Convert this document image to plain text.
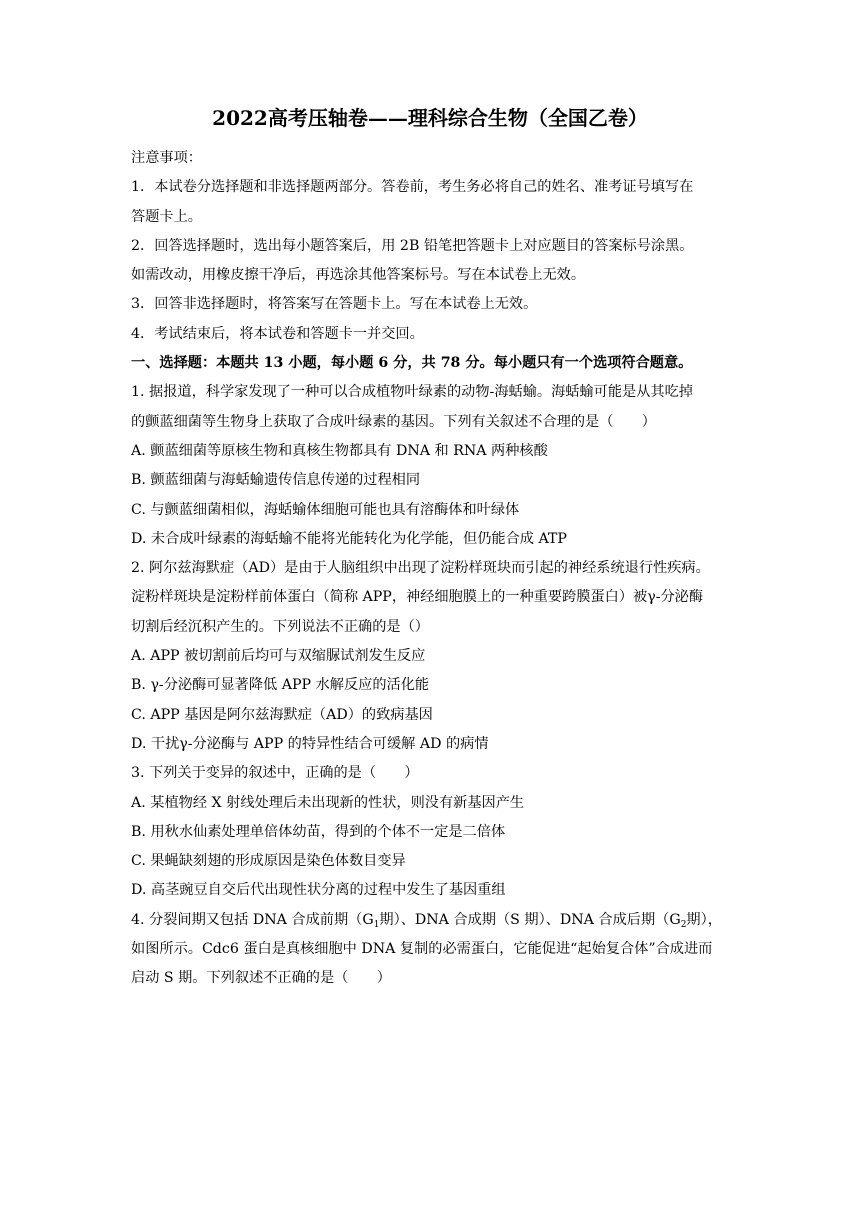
2022高考压轴卷——理科综合生物（全国乙卷）
注意事项：
1．本试卷分选择题和非选择题两部分。答卷前，考生务必将自己的姓名、准考证号填写在
答题卡上。
2．回答选择题时，选出每小题答案后，用 2B 铅笔把答题卡上对应题目的答案标号涂黑。
如需改动，用橡皮擦干净后，再选涂其他答案标号。写在本试卷上无效。
3．回答非选择题时，将答案写在答题卡上。写在本试卷上无效。
4．考试结束后，将本试卷和答题卡一并交回。
一、选择题：本题共 13 小题，每小题 6 分，共 78 分。每小题只有一个选项符合题意。
1. 据报道，科学家发现了一种可以合成植物叶绿素的动物-海蛞蝓。海蛞蝓可能是从其吃掉
的颤蓝细菌等生物身上获取了合成叶绿素的基因。下列有关叙述不合理的是（　　）
A. 颤蓝细菌等原核生物和真核生物都具有 DNA 和 RNA 两种核酸
B. 颤蓝细菌与海蛞蝓遗传信息传递的过程相同
C. 与颤蓝细菌相似，海蛞蝓体细胞可能也具有溶酶体和叶绿体
D. 未合成叶绿素的海蛞蝓不能将光能转化为化学能，但仍能合成 ATP
2. 阿尔兹海默症（AD）是由于人脑组织中出现了淀粉样斑块而引起的神经系统退行性疾病。
淀粉样斑块是淀粉样前体蛋白（简称 APP，神经细胞膜上的一种重要跨膜蛋白）被γ-分泌酶
切割后经沉积产生的。下列说法不正确的是（）
A. APP 被切割前后均可与双缩脲试剂发生反应
B. γ-分泌酶可显著降低 APP 水解反应的活化能
C. APP 基因是阿尔兹海默症（AD）的致病基因
D. 干扰γ-分泌酶与 APP 的特异性结合可缓解 AD 的病情
3. 下列关于变异的叙述中，正确的是（　　）
A. 某植物经 X 射线处理后未出现新的性状，则没有新基因产生
B. 用秋水仙素处理单倍体幼苗，得到的个体不一定是二倍体
C. 果蝇缺刻翅的形成原因是染色体数目变异
D. 高茎豌豆自交后代出现性状分离的过程中发生了基因重组
4. 分裂间期又包括 DNA 合成前期（$G_1$期）、DNA 合成期（S 期）、DNA 合成后期（$G_2$期），
如图所示。Cdc6 蛋白是真核细胞中 DNA 复制的必需蛋白，它能促进“起始复合体”合成进而
启动 S 期。下列叙述不正确的是（　　）
